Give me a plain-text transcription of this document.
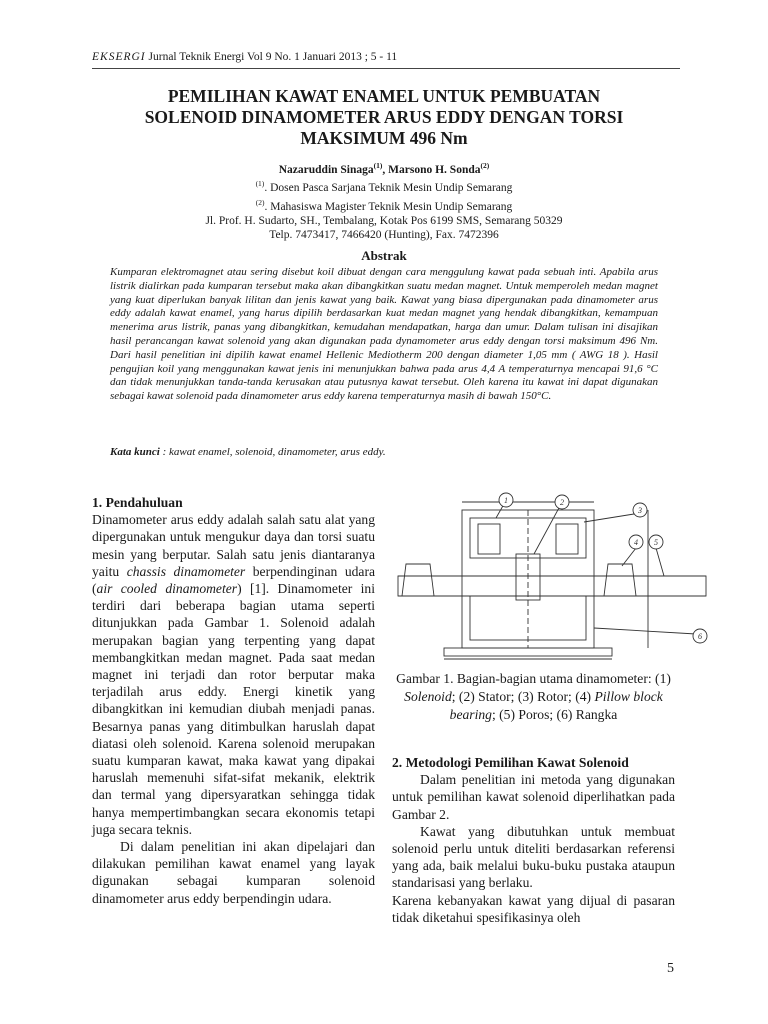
EKSERGI Jurnal Teknik Energi Vol 9 No. 1 Januari 2013 ; 5 - 11
PEMILIHAN KAWAT ENAMEL UNTUK PEMBUATAN
SOLENOID DINAMOMETER ARUS EDDY DENGAN TORSI
MAKSIMUM 496 Nm
Nazaruddin Sinaga$^{(1)}$, Marsono H. Sonda$^{(2)}$
$^{(1)}$. Dosen Pasca Sarjana Teknik Mesin Undip Semarang
$^{(2)}$. Mahasiswa Magister Teknik Mesin Undip Semarang
Jl. Prof. H. Sudarto, SH., Tembalang, Kotak Pos 6199 SMS, Semarang 50329
Telp. 7473417, 7466420 (Hunting), Fax. 7472396
Abstrak
Kumparan elektromagnet atau sering disebut koil dibuat dengan cara menggulung kawat pada sebuah inti. Apabila arus listrik dialirkan pada kumparan tersebut maka akan dibangkitkan suatu medan magnet. Untuk memperoleh medan magnet yang kuat diperlukan banyak lilitan dan jenis kawat yang baik. Kawat yang biasa dipergunakan pada dinamometer arus eddy adalah kawat enamel, yang harus dipilih berdasarkan kuat medan magnet yang hendak dibangkitkan, kemampuan menerima arus listrik, panas yang dibangkitkan, kemudahan mendapatkan, harga dan umur. Dalam tulisan ini disajikan hasil perancangan kawat solenoid yang akan digunakan pada dynamometer arus eddy dengan torsi maksimum 496 Nm. Dari hasil penelitian ini dipilih kawat enamel Hellenic Mediotherm 200 dengan diameter 1,05 mm ( AWG 18 ). Hasil pengujian koil yang menggunakan kawat jenis ini menunjukkan bahwa pada arus 4,4 A temperaturnya mencapai 91,6 °C dan tidak menunjukkan tanda-tanda kerusakan atau putusnya kawat tersebut. Oleh karena itu kawat ini dapat digunakan sebagai kawat solenoid pada dinamometer arus eddy karena temperaturnya masih di bawah 150°C.
Kata kunci : kawat enamel, solenoid, dinamometer, arus eddy.

1. Pendahuluan

Dinamometer arus eddy adalah salah satu alat yang dipergunakan untuk mengukur daya dan torsi suatu mesin yang berputar. Salah satu jenis diantaranya yaitu chassis dinamometer berpendinginan udara (air cooled dinamometer) [1]. Dinamometer ini terdiri dari beberapa bagian utama seperti ditunjukkan pada Gambar 1. Solenoid adalah merupakan bagian yang terpenting yang dapat membangkitkan medan magnet. Pada saat medan magnet ini terjadi dan rotor berputar maka terjadilah arus eddy. Energi kinetik yang dibangkitkan ini kemudian diubah menjadi panas. Besarnya panas yang ditimbulkan haruslah dapat diatasi oleh solenoid. Karena solenoid merupakan suatu kumparan kawat, maka kawat yang dipakai haruslah memenuhi sifat-sifat mekanik, elektrik dan termal yang dipersyaratkan sehingga tidak hanya mempertimbangkan secara ekonomis tetapi juga secara teknis.

Di dalam penelitian ini akan dipelajari dan dilakukan pemilihan kawat enamel yang layak digunakan sebagai kumparan solenoid dinamometer arus eddy berpendingin udara.

1	2
3
4 5
6
Gambar 1. Bagian-bagian utama dinamometer: (1) Solenoid; (2) Stator; (3) Rotor; (4) Pillow block bearing; (5) Poros; (6) Rangka

2. Metodologi Pemilihan Kawat Solenoid

Dalam penelitian ini metoda yang digunakan untuk pemilihan kawat solenoid diperlihatkan pada Gambar 2.

Kawat yang dibutuhkan untuk membuat solenoid perlu untuk diteliti berdasarkan referensi yang ada, baik melalui buku-buku pustaka ataupun standarisasi yang berlaku.

Karena kebanyakan kawat yang dijual di pasaran tidak diketahui spesifikasinya oleh

5
